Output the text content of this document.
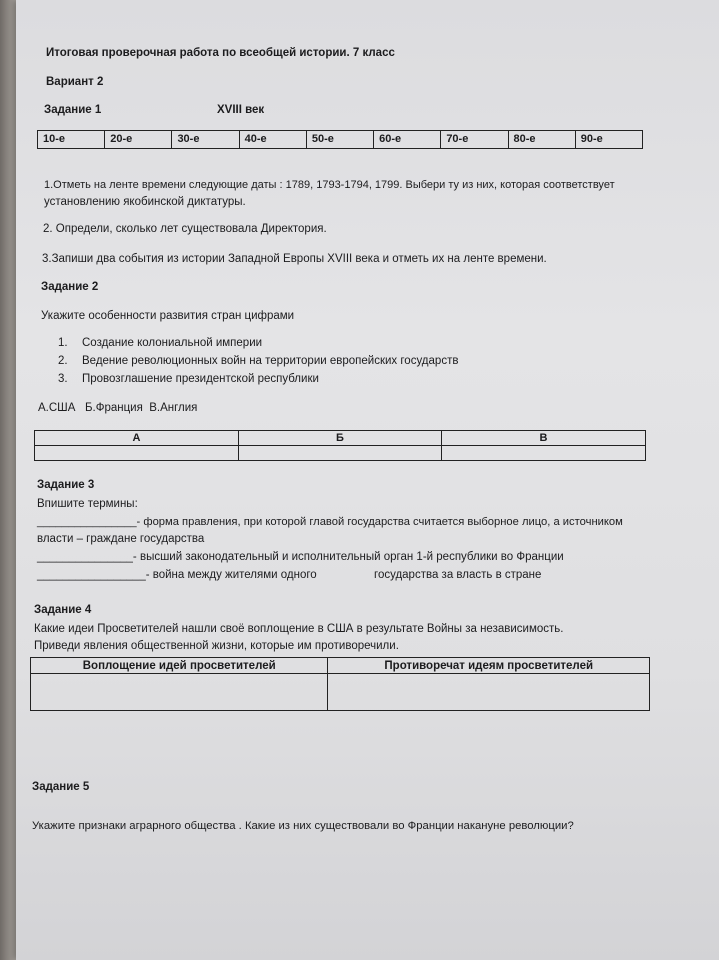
Итоговая проверочная работа по всеобщей истории. 7 класс
Вариант 2
Задание 1	XVIII век
10-е	20-е	30-е	40-е	50-е	60-е	70-е	80-е	90-е
1.Отметь на ленте времени следующие даты : 1789, 1793-1794, 1799. Выбери ту из них, которая соответствует
установлению якобинской диктатуры.
2. Определи, сколько лет существовала Директория.
3.Запиши два события из истории Западной Европы XVIII века и отметь их на ленте времени.
Задание 2
Укажите особенности развития стран цифрами
1. Создание колониальной империи
2. Ведение революционных войн на территории европейских государств
3. Провозглашение президентской республики
А.США   Б.Франция  В.Англия
А	Б	В

Задание 3
Впишите термины:
________________- форма правления, при которой главой государства считается выборное лицо, а источником
власти – граждане государства
_______________- высший законодательный и исполнительный орган 1-й республики во Франции
_________________- война между жителями одного	государства за власть в стране
Задание 4
Какие идеи Просветителей нашли своё воплощение в США в результате Войны за независимость.
Приведи явления общественной жизни, которые им противоречили.
Воплощение идей просветителей	Противоречат идеям просветителей

Задание 5
Укажите признаки аграрного общества . Какие из них существовали во Франции накануне революции?
